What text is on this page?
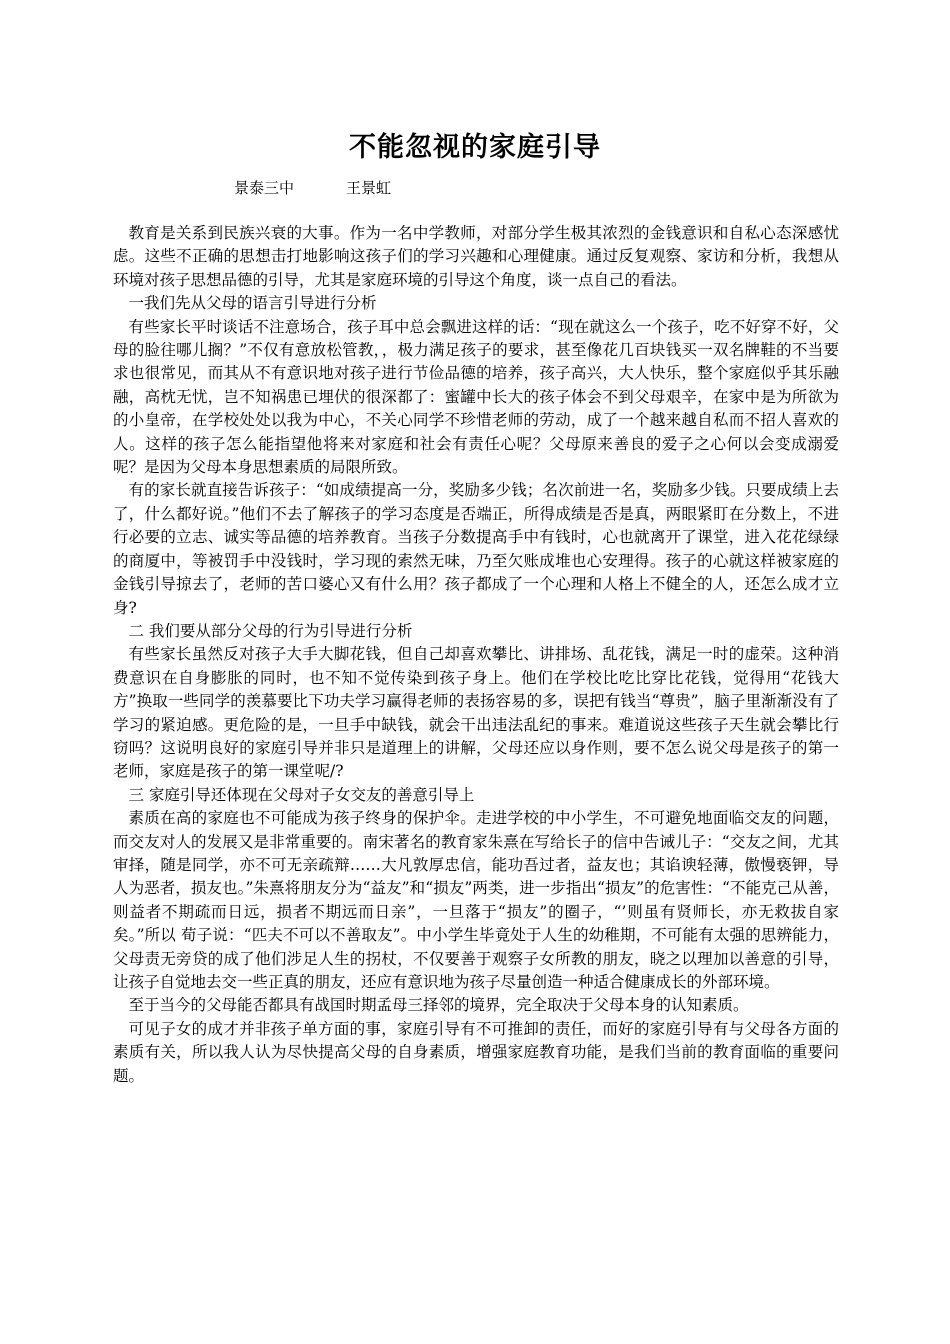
不能忽视的家庭引导
景泰三中	王景虹

教育是关系到民族兴衰的大事。作为一名中学教师，对部分学生极其浓烈的金钱意识和自私心态深感忧虑。这些不正确的思想击打地影响这孩子们的学习兴趣和心理健康。通过反复观察、家访和分析，我想从环境对孩子思想品德的引导，尤其是家庭环境的引导这个角度，谈一点自己的看法。

一我们先从父母的语言引导进行分析

有些家长平时谈话不注意场合，孩子耳中总会飘进这样的话：“现在就这么一个孩子，吃不好穿不好，父母的脸往哪儿搁？”不仅有意放松管教，，极力满足孩子的要求，甚至像花几百块钱买一双名牌鞋的不当要求也很常见，而其从不有意识地对孩子进行节俭品德的培养，孩子高兴，大人快乐，整个家庭似乎其乐融融，高枕无忧，岂不知祸患已埋伏的很深都了：蜜罐中长大的孩子体会不到父母艰辛，在家中是为所欲为的小皇帝，在学校处处以我为中心，不关心同学不珍惜老师的劳动，成了一个越来越自私而不招人喜欢的人。这样的孩子怎么能指望他将来对家庭和社会有责任心呢？父母原来善良的爱子之心何以会变成溺爱呢？是因为父母本身思想素质的局限所致。

有的家长就直接告诉孩子：“如成绩提高一分，奖励多少钱；名次前进一名，奖励多少钱。只要成绩上去了，什么都好说。”他们不去了解孩子的学习态度是否端正，所得成绩是否是真，两眼紧盯在分数上，不进行必要的立志、诚实等品德的培养教育。当孩子分数提高手中有钱时，心也就离开了课堂，进入花花绿绿的商厦中，等被罚手中没钱时，学习现的索然无味，乃至欠账成堆也心安理得。孩子的心就这样被家庭的金钱引导掠去了，老师的苦口婆心又有什么用？孩子都成了一个心理和人格上不健全的人，还怎么成才立身?

二 我们要从部分父母的行为引导进行分析

有些家长虽然反对孩子大手大脚花钱，但自己却喜欢攀比、讲排场、乱花钱，满足一时的虚荣。这种消费意识在自身膨胀的同时，也不知不觉传染到孩子身上。他们在学校比吃比穿比花钱，觉得用“花钱大方”换取一些同学的羡慕要比下功夫学习赢得老师的表扬容易的多，误把有钱当“尊贵”，脑子里渐渐没有了学习的紧迫感。更危险的是，一旦手中缺钱，就会干出违法乱纪的事来。难道说这些孩子天生就会攀比行窃吗？这说明良好的家庭引导并非只是道理上的讲解，父母还应以身作则，要不怎么说父母是孩子的第一老师，家庭是孩子的第一课堂呢/?

三 家庭引导还体现在父母对子女交友的善意引导上

素质在高的家庭也不可能成为孩子终身的保护伞。走进学校的中小学生，不可避免地面临交友的问题，而交友对人的发展又是非常重要的。南宋著名的教育家朱熹在写给长子的信中告诫儿子：“交友之间，尤其审择，随是同学，亦不可无亲疏辩……大凡敦厚忠信，能功吾过者，益友也；其谄谀轻薄，傲慢亵钾，导人为恶者，损友也。”朱熹将朋友分为“益友”和“损友”两类，进一步指出“损友”的危害性：“不能克己从善，则益者不期疏而日远，损者不期远而日亲”，一旦落于“损友”的圈子，“’则虽有贤师长，亦无救拔自家矣。”所以 荀子说：“匹夫不可以不善取友”。中小学生毕竟处于人生的幼稚期，不可能有太强的思辨能力，父母责无旁贷的成了他们涉足人生的拐杖，不仅要善于观察子女所教的朋友，晓之以理加以善意的引导，让孩子自觉地去交一些正真的朋友，还应有意识地为孩子尽量创造一种适合健康成长的外部环境。

至于当今的父母能否都具有战国时期孟母三择邻的境界，完全取决于父母本身的认知素质。

可见子女的成才并非孩子单方面的事，家庭引导有不可推卸的责任，而好的家庭引导有与父母各方面的素质有关，所以我人认为尽快提高父母的自身素质，增强家庭教育功能，是我们当前的教育面临的重要问题。
